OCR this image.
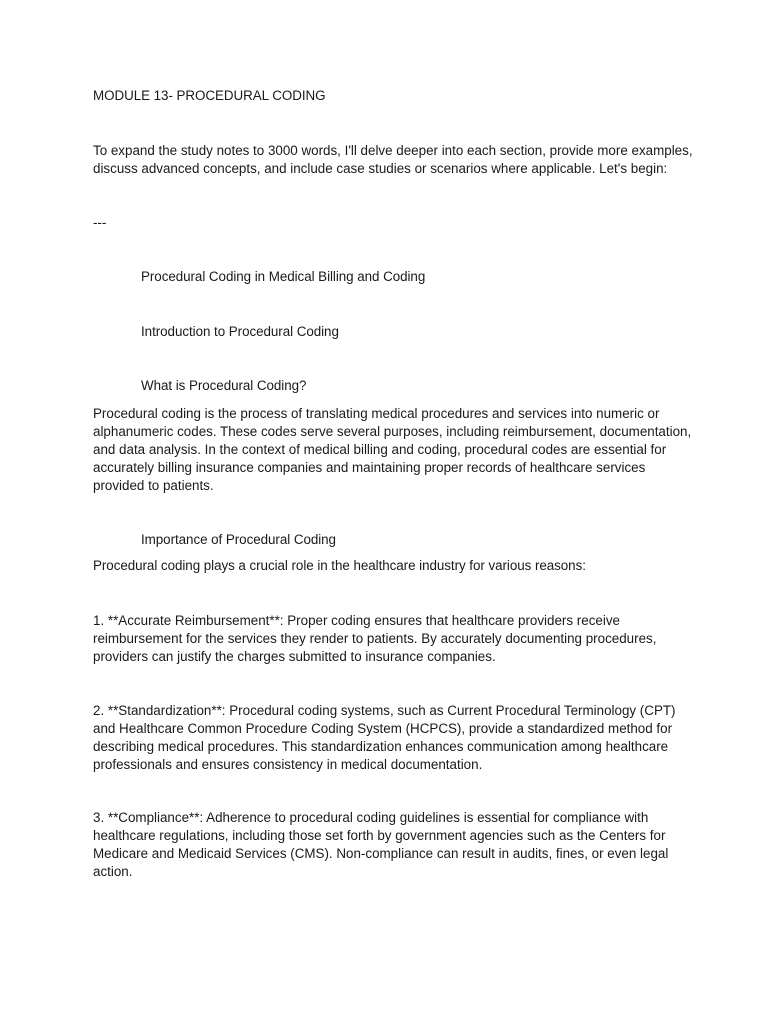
MODULE 13- PROCEDURAL CODING
To expand the study notes to 3000 words, I'll delve deeper into each section, provide more examples,
discuss advanced concepts, and include case studies or scenarios where applicable. Let's begin:
---
Procedural Coding in Medical Billing and Coding
Introduction to Procedural Coding
What is Procedural Coding?
Procedural coding is the process of translating medical procedures and services into numeric or
alphanumeric codes. These codes serve several purposes, including reimbursement, documentation,
and data analysis. In the context of medical billing and coding, procedural codes are essential for
accurately billing insurance companies and maintaining proper records of healthcare services
provided to patients.
Importance of Procedural Coding
Procedural coding plays a crucial role in the healthcare industry for various reasons:
1. **Accurate Reimbursement**: Proper coding ensures that healthcare providers receive
reimbursement for the services they render to patients. By accurately documenting procedures,
providers can justify the charges submitted to insurance companies.
2. **Standardization**: Procedural coding systems, such as Current Procedural Terminology (CPT)
and Healthcare Common Procedure Coding System (HCPCS), provide a standardized method for
describing medical procedures. This standardization enhances communication among healthcare
professionals and ensures consistency in medical documentation.
3. **Compliance**: Adherence to procedural coding guidelines is essential for compliance with
healthcare regulations, including those set forth by government agencies such as the Centers for
Medicare and Medicaid Services (CMS). Non-compliance can result in audits, fines, or even legal
action.
